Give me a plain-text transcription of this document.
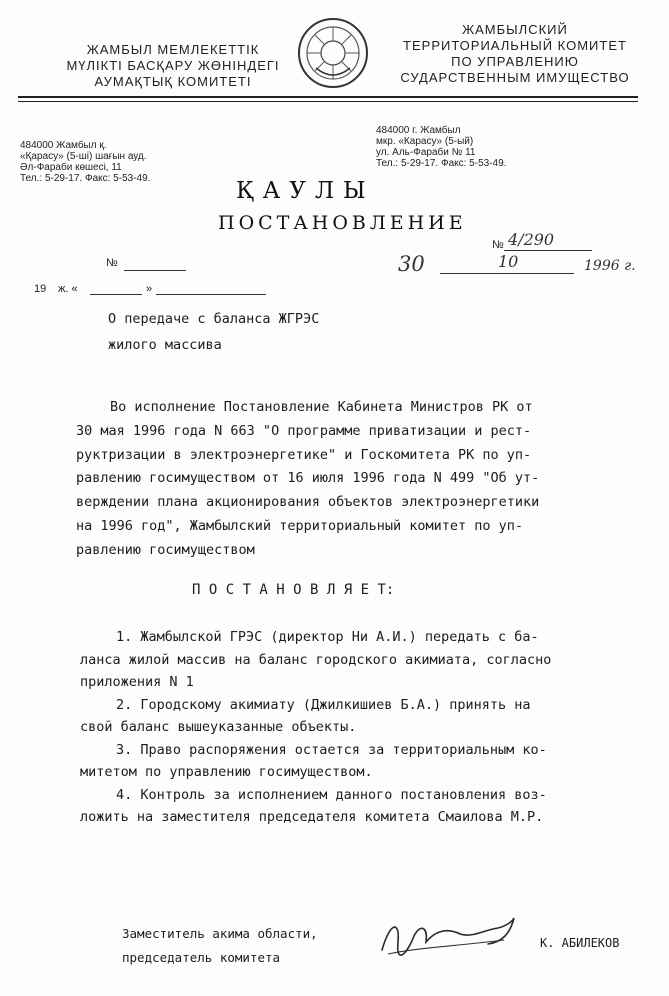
ЖАМБЫЛ МЕМЛЕКЕТТІК
МҮЛІКТІ БАСҚАРУ ЖӨНІНДЕГІ
АУМАҚТЫҚ КОМИТЕТІ
ЖАМБЫЛСКИЙ
ТЕРРИТОРИАЛЬНЫЙ КОМИТЕТ
ПО УПРАВЛЕНИЮ
СУДАРСТВЕННЫМ ИМУЩЕСТВО
484000 Жамбыл қ.
«Қарасу» (5-ші) шағын ауд.
Әл-Фараби көшесі, 11
Тел.: 5-29-17. Факс: 5-53-49.
484000 г. Жамбыл
мкр. «Карасу» (5-ый)
ул. Аль-Фараби № 11
Тел.: 5-29-17. Факс: 5-53-49.
ҚАУЛЫ
ПОСТАНОВЛЕНИЕ
№
19 ж. «	»
30	10
№ 4/290
1996 г.
О передаче с баланса ЖГРЭС
жилого массива
Во исполнение Постановление Кабинета Министров РК от
30 мая 1996 года N 663 "О программе приватизации и рест-
руктризации в электроэнергетике" и Госкомитета РК по уп-
равлению госимуществом от 16 июля 1996 года N 499 "Об ут-
верждении плана акционирования объектов электроэнергетики
на 1996 год", Жамбылский территориальный комитет по уп-
равлению госимуществом
П О С Т А Н О В Л Я Е Т:
1. Жамбылской ГРЭС (директор Ни А.И.) передать с ба-
ланса жилой массив на баланс городского акимиата, согласно
приложения N 1
2. Городскому акимиату (Джилкишиев Б.А.) принять на
свой баланс вышеуказанные объекты.
3. Право распоряжения остается за территориальным ко-
митетом по управлению госимуществом.
4. Контроль за исполнением данного постановления воз-
ложить на заместителя председателя комитета Смаилова М.Р.
Заместитель акима области,
председатель комитета
К. АБИЛЕКОВ
